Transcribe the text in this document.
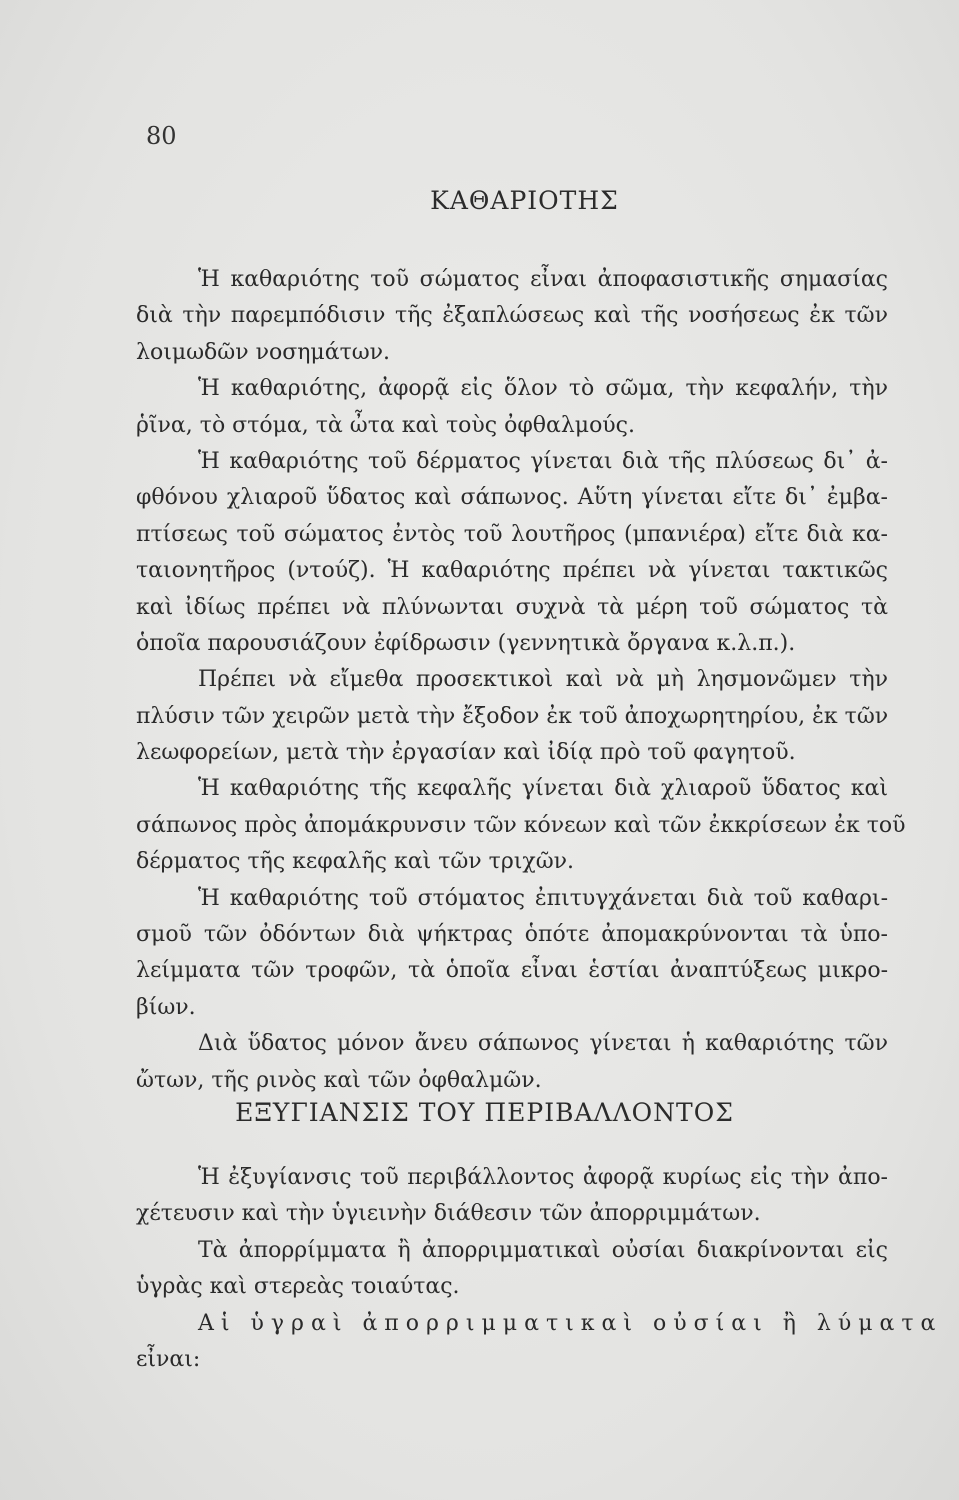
80
ΚΑΘΑΡΙΟΤΗΣ
Ἡ καθαριότης τοῦ σώματος εἶναι ἀποφασιστικῆς σημασίας
διὰ τὴν παρεμπόδισιν τῆς ἐξαπλώσεως καὶ τῆς νοσήσεως ἐκ τῶν
λοιμωδῶν νοσημάτων.
Ἡ καθαριότης, ἀφορᾷ εἰς ὅλον τὸ σῶμα, τὴν κεφαλήν, τὴν
ῥῖνα, τὸ στόμα, τὰ ὦτα καὶ τοὺς ὀφθαλμούς.
Ἡ καθαριότης τοῦ δέρματος γίνεται διὰ τῆς πλύσεως δι᾽ ἀ-
φθόνου χλιαροῦ ὕδατος καὶ σάπωνος. Αὕτη γίνεται εἴτε δι᾽ ἐμβα-
πτίσεως τοῦ σώματος ἐντὸς τοῦ λουτῆρος (μπανιέρα) εἴτε διὰ κα-
ταιονητῆρος (ντούζ). Ἡ καθαριότης πρέπει νὰ γίνεται τακτικῶς
καὶ ἰδίως πρέπει νὰ πλύνωνται συχνὰ τὰ μέρη τοῦ σώματος τὰ
ὁποῖα παρουσιάζουν ἐφίδρωσιν (γεννητικὰ ὄργανα κ.λ.π.).
Πρέπει νὰ εἴμεθα προσεκτικοὶ καὶ νὰ μὴ λησμονῶμεν τὴν
πλύσιν τῶν χειρῶν μετὰ τὴν ἔξοδον ἐκ τοῦ ἀποχωρητηρίου, ἐκ τῶν
λεωφορείων, μετὰ τὴν ἐργασίαν καὶ ἰδίᾳ πρὸ τοῦ φαγητοῦ.
Ἡ καθαριότης τῆς κεφαλῆς γίνεται διὰ χλιαροῦ ὕδατος καὶ
σάπωνος πρὸς ἀπομάκρυνσιν τῶν κόνεων καὶ τῶν ἐκκρίσεων ἐκ τοῦ
δέρματος τῆς κεφαλῆς καὶ τῶν τριχῶν.
Ἡ καθαριότης τοῦ στόματος ἐπιτυγχάνεται διὰ τοῦ καθαρι-
σμοῦ τῶν ὀδόντων διὰ ψήκτρας ὁπότε ἀπομακρύνονται τὰ ὑπο-
λείμματα τῶν τροφῶν, τὰ ὁποῖα εἶναι ἑστίαι ἀναπτύξεως μικρο-
βίων.
Διὰ ὕδατος μόνον ἄνευ σάπωνος γίνεται ἡ καθαριότης τῶν
ὤτων, τῆς ρινὸς καὶ τῶν ὀφθαλμῶν.
ΕΞΥΓΙΑΝΣΙΣ ΤΟΥ ΠΕΡΙΒΑΛΛΟΝΤΟΣ
Ἡ ἐξυγίανσις τοῦ περιβάλλοντος ἀφορᾷ κυρίως εἰς τὴν ἀπο-
χέτευσιν καὶ τὴν ὑγιεινὴν διάθεσιν τῶν ἀπορριμμάτων.
Τὰ ἀπορρίμματα ἢ ἀπορριμματικαὶ οὐσίαι διακρίνονται εἰς
ὑγρὰς καὶ στερεὰς τοιαύτας.
Αἱ ὑγραὶ ἀπορριμματικαὶ οὐσίαι ἢ λύματα
εἶναι:
